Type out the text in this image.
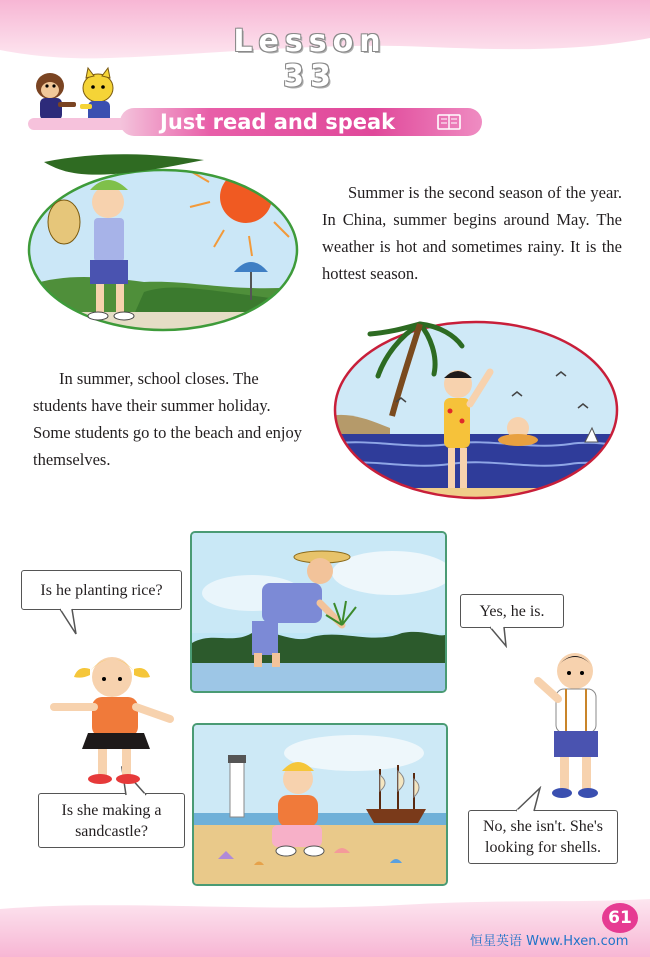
Lesson 33
Just read and speak

Summer is the second season of the year. In China, summer begins around May. The weather is hot and sometimes rainy. It is the hottest season.

In summer, school closes. The students have their summer holiday. Some students go to the beach and enjoy themselves.

Is he planting rice?
Yes, he is.
Is she making a sandcastle?	No, she isn't. She's looking for shells.
61
恒星英语 Www.Hxen.com
